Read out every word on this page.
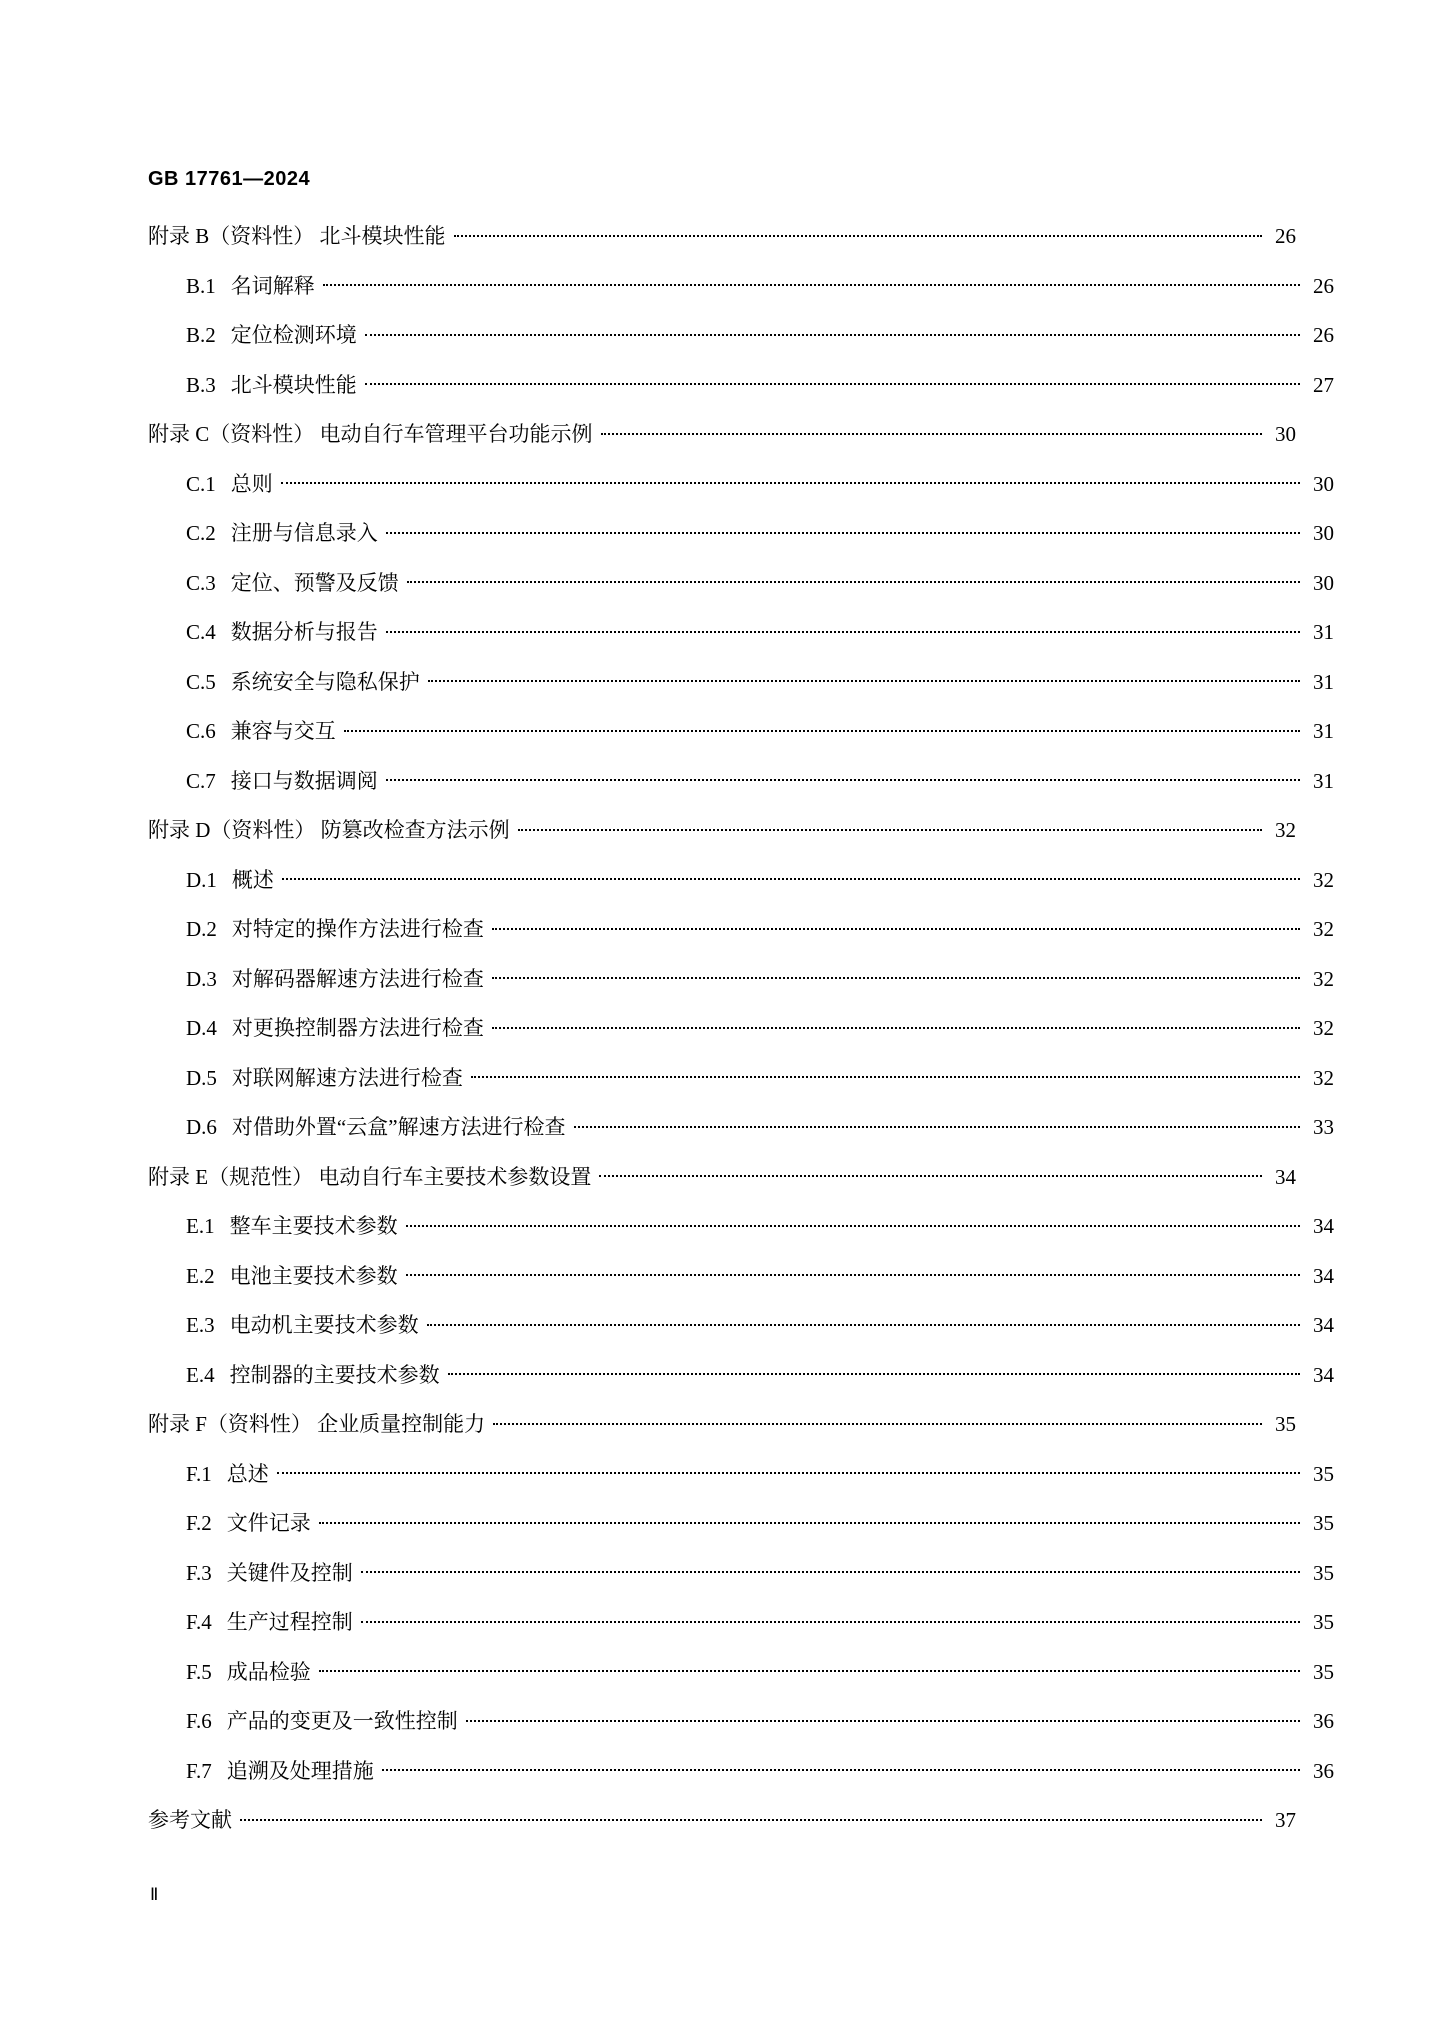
GB 17761—2024
附录 B（资料性） 北斗模块性能	26
B.1 名词解释	26
B.2 定位检测环境	26
B.3 北斗模块性能	27
附录 C（资料性） 电动自行车管理平台功能示例	30
C.1 总则	30
C.2 注册与信息录入	30
C.3 定位、预警及反馈	30
C.4 数据分析与报告	31
C.5 系统安全与隐私保护	31
C.6 兼容与交互	31
C.7 接口与数据调阅	31
附录 D（资料性） 防篡改检查方法示例	32
D.1 概述	32
D.2 对特定的操作方法进行检查	32
D.3 对解码器解速方法进行检查	32
D.4 对更换控制器方法进行检查	32
D.5 对联网解速方法进行检查	32
D.6 对借助外置“云盒”解速方法进行检查	33
附录 E（规范性） 电动自行车主要技术参数设置	34
E.1 整车主要技术参数	34
E.2 电池主要技术参数	34
E.3 电动机主要技术参数	34
E.4 控制器的主要技术参数	34
附录 F（资料性） 企业质量控制能力	35
F.1 总述	35
F.2 文件记录	35
F.3 关键件及控制	35
F.4 生产过程控制	35
F.5 成品检验	35
F.6 产品的变更及一致性控制	36
F.7 追溯及处理措施	36
参考文献	37
Ⅱ
